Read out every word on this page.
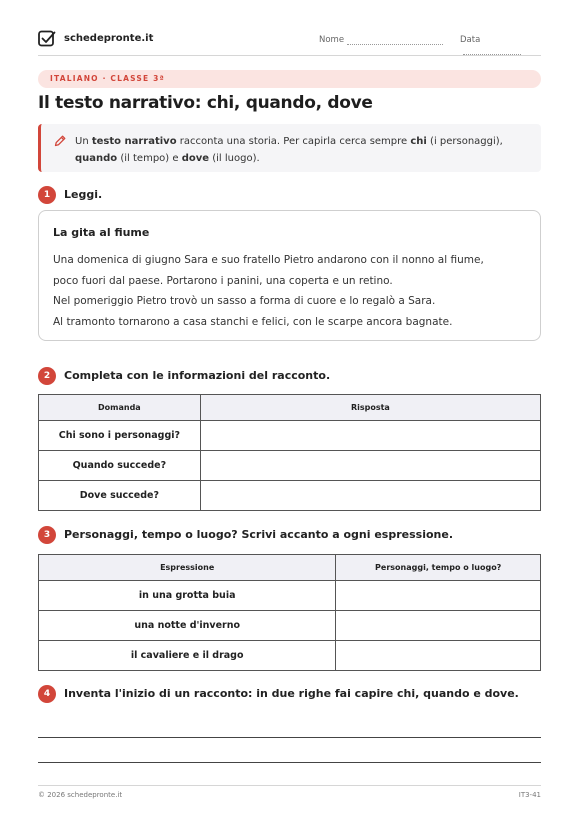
schedepronte.it	Nome	Data
ITALIANO · CLASSE 3ª
Il testo narrativo: chi, quando, dove

Un testo narrativo racconta una storia. Per capirla cerca sempre chi (i personaggi), quando (il tempo) e dove (il luogo).

1	Leggi.
La gita al fiume
Una domenica di giugno Sara e suo fratello Pietro andarono con il nonno al fiume,
poco fuori dal paese. Portarono i panini, una coperta e un retino.
Nel pomeriggio Pietro trovò un sasso a forma di cuore e lo regalò a Sara.
Al tramonto tornarono a casa stanchi e felici, con le scarpe ancora bagnate.
2	Completa con le informazioni del racconto.
Domanda	Risposta
Chi sono i personaggi?	
Quando succede?	
Dove succede?	
3	Personaggi, tempo o luogo? Scrivi accanto a ogni espressione.
Espressione	Personaggi, tempo o luogo?
in una grotta buia	
una notte d'inverno	
il cavaliere e il drago	
4	Inventa l'inizio di un racconto: in due righe fai capire chi, quando e dove.
© 2026 schedepronte.it	IT3-41
